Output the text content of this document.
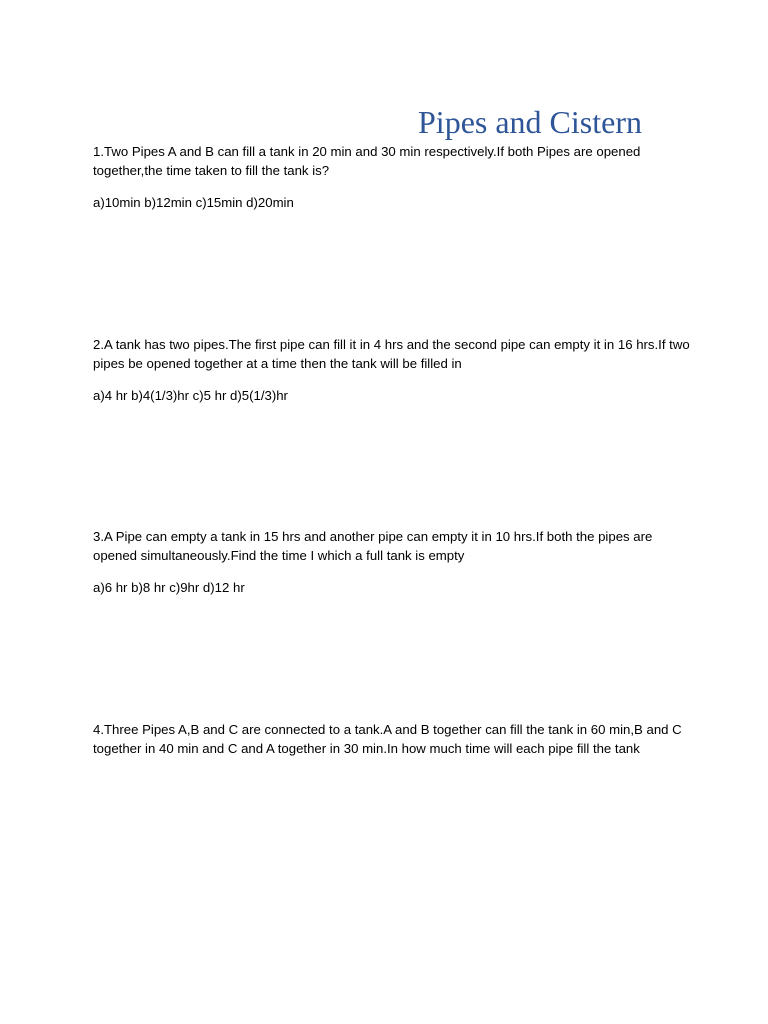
Pipes and Cistern

1.Two Pipes A and B can fill a tank in 20 min and 30 min respectively.If both Pipes are opened together,the time taken to fill the tank is?

a)10min b)12min c)15min d)20min

2.A tank has two pipes.The first pipe can fill it in 4 hrs and the second pipe can empty it in 16 hrs.If two pipes be opened together at a time then the tank will be filled in

a)4 hr b)4(1/3)hr c)5 hr d)5(1/3)hr

3.A Pipe can empty a tank in 15 hrs and another pipe can empty it in 10 hrs.If both the pipes are opened simultaneously.Find the time I which a full tank is empty

a)6 hr b)8 hr c)9hr d)12 hr

4.Three Pipes A,B and C are connected to a tank.A and B together can fill the tank in 60 min,B and C together in 40 min and C and A together in 30 min.In how much time will each pipe fill the tank
